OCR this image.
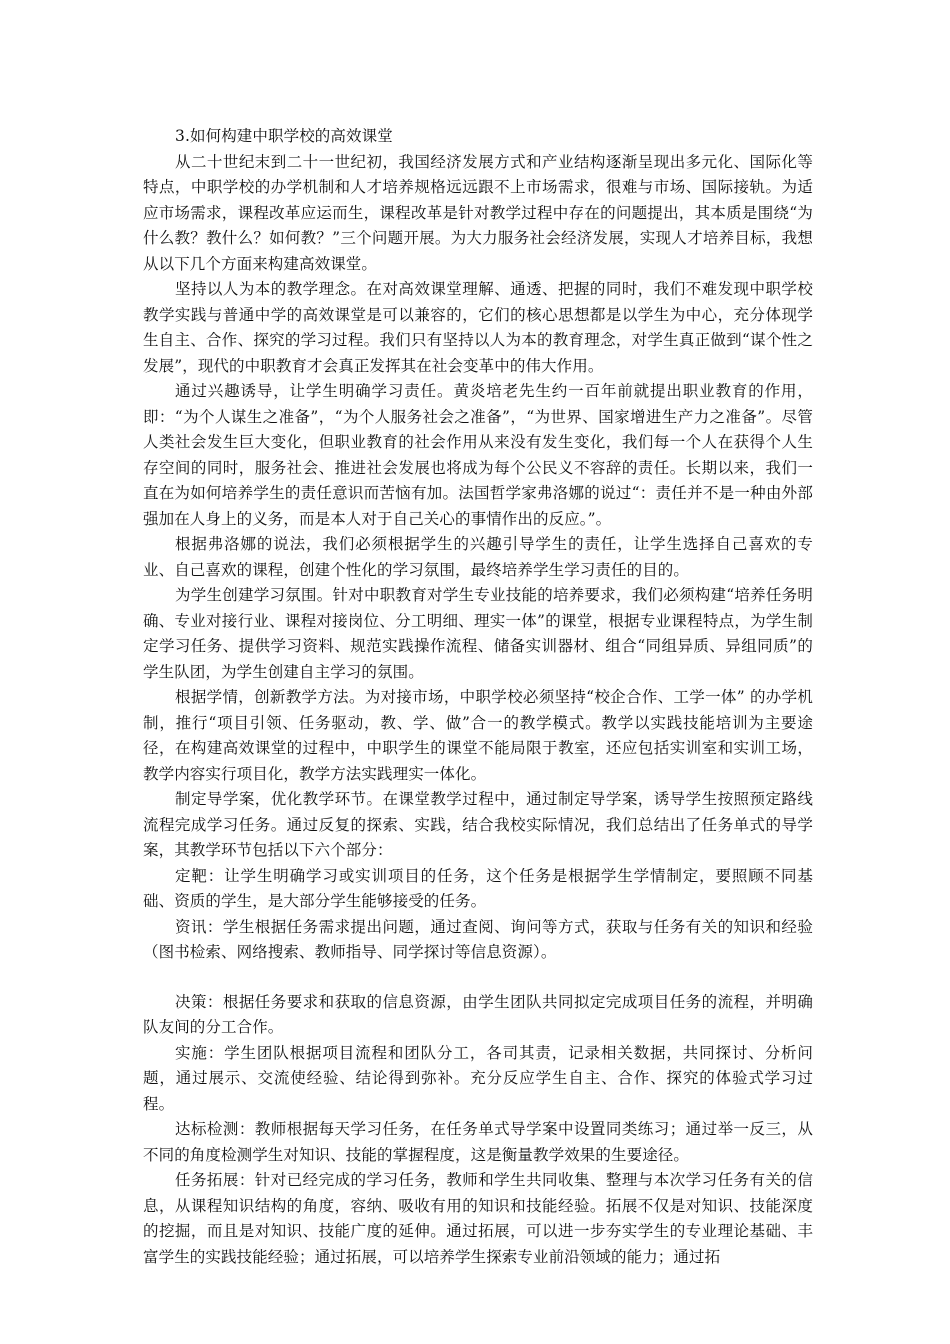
3.如何构建中职学校的高效课堂

从二十世纪末到二十一世纪初，我国经济发展方式和产业结构逐渐呈现出多元化、国际化等特点，中职学校的办学机制和人才培养规格远远跟不上市场需求，很难与市场、国际接轨。为适应市场需求，课程改革应运而生，课程改革是针对教学过程中存在的问题提出，其本质是围绕“为什么教？教什么？如何教？”三个问题开展。为大力服务社会经济发展，实现人才培养目标，我想从以下几个方面来构建高效课堂。

坚持以人为本的教学理念。在对高效课堂理解、通透、把握的同时，我们不难发现中职学校教学实践与普通中学的高效课堂是可以兼容的，它们的核心思想都是以学生为中心，充分体现学生自主、合作、探究的学习过程。我们只有坚持以人为本的教育理念，对学生真正做到“谋个性之发展”，现代的中职教育才会真正发挥其在社会变革中的伟大作用。

通过兴趣诱导，让学生明确学习责任。黄炎培老先生约一百年前就提出职业教育的作用，即：“为个人谋生之准备”，“为个人服务社会之准备”，“为世界、国家增进生产力之准备”。尽管人类社会发生巨大变化，但职业教育的社会作用从来没有发生变化，我们每一个人在获得个人生存空间的同时，服务社会、推进社会发展也将成为每个公民义不容辞的责任。长期以来，我们一直在为如何培养学生的责任意识而苦恼有加。法国哲学家弗洛娜的说过“：责任并不是一种由外部强加在人身上的义务，而是本人对于自己关心的事情作出的反应。”。

根据弗洛娜的说法，我们必须根据学生的兴趣引导学生的责任，让学生选择自己喜欢的专业、自己喜欢的课程，创建个性化的学习氛围，最终培养学生学习责任的目的。

为学生创建学习氛围。针对中职教育对学生专业技能的培养要求，我们必须构建“培养任务明确、专业对接行业、课程对接岗位、分工明细、理实一体”的课堂，根据专业课程特点，为学生制定学习任务、提供学习资料、规范实践操作流程、储备实训器材、组合“同组异质、异组同质”的学生队团，为学生创建自主学习的氛围。

根据学情，创新教学方法。为对接市场，中职学校必须坚持“校企合作、工学一体” 的办学机制，推行“项目引领、任务驱动，教、学、做”合一的教学模式。教学以实践技能培训为主要途径，在构建高效课堂的过程中，中职学生的课堂不能局限于教室，还应包括实训室和实训工场，教学内容实行项目化，教学方法实践理实一体化。

制定导学案，优化教学环节。在课堂教学过程中，通过制定导学案，诱导学生按照预定路线流程完成学习任务。通过反复的探索、实践，结合我校实际情况，我们总结出了任务单式的导学案，其教学环节包括以下六个部分：

定靶：让学生明确学习或实训项目的任务，这个任务是根据学生学情制定，要照顾不同基础、资质的学生，是大部分学生能够接受的任务。

资讯：学生根据任务需求提出问题，通过查阅、询问等方式，获取与任务有关的知识和经验（图书检索、网络搜索、教师指导、同学探讨等信息资源）。

决策：根据任务要求和获取的信息资源，由学生团队共同拟定完成项目任务的流程，并明确队友间的分工合作。

实施：学生团队根据项目流程和团队分工，各司其责，记录相关数据，共同探讨、分析问题，通过展示、交流使经验、结论得到弥补。充分反应学生自主、合作、探究的体验式学习过程。

达标检测：教师根据每天学习任务，在任务单式导学案中设置同类练习；通过举一反三，从不同的角度检测学生对知识、技能的掌握程度，这是衡量教学效果的生要途径。

任务拓展：针对已经完成的学习任务，教师和学生共同收集、整理与本次学习任务有关的信息，从课程知识结构的角度，容纳、吸收有用的知识和技能经验。拓展不仅是对知识、技能深度的挖掘，而且是对知识、技能广度的延伸。通过拓展，可以进一步夯实学生的专业理论基础、丰富学生的实践技能经验；通过拓展，可以培养学生探索专业前沿领域的能力；通过拓
